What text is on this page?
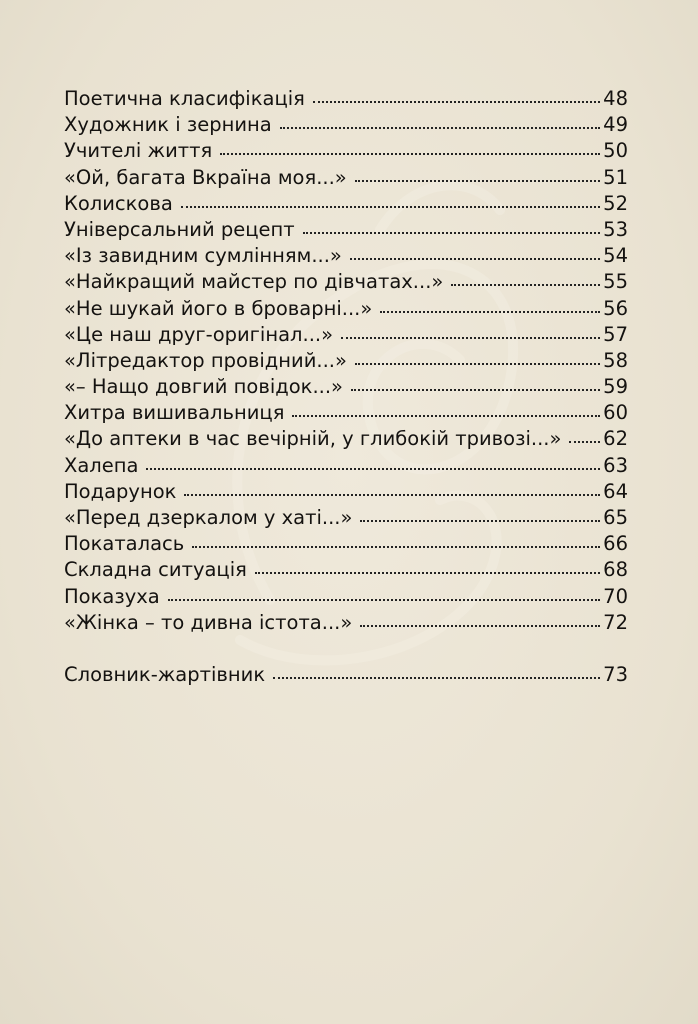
Поетична класифікація	48
Художник і зернина	49
Учителі життя	50
«Ой, багата Вкраїна моя...»	51
Колискова	52
Універсальний рецепт	53
«Із завидним сумлінням...»	54
«Найкращий майстер по дівчатах...»	55
«Не шукай його в броварні...»	56
«Це наш друг-оригінал...»	57
«Літредактор провідний...»	58
«– Нащо довгий повідок...»	59
Хитра вишивальниця	60
«До аптеки в час вечірній, у глибокій тривозі...» 62
Халепа	63
Подарунок	64
«Перед дзеркалом у хаті...»	65
Покаталась	66
Складна ситуація	68
Показуха	70
«Жінка – то дивна істота...»	72
Словник-жартівник	73
